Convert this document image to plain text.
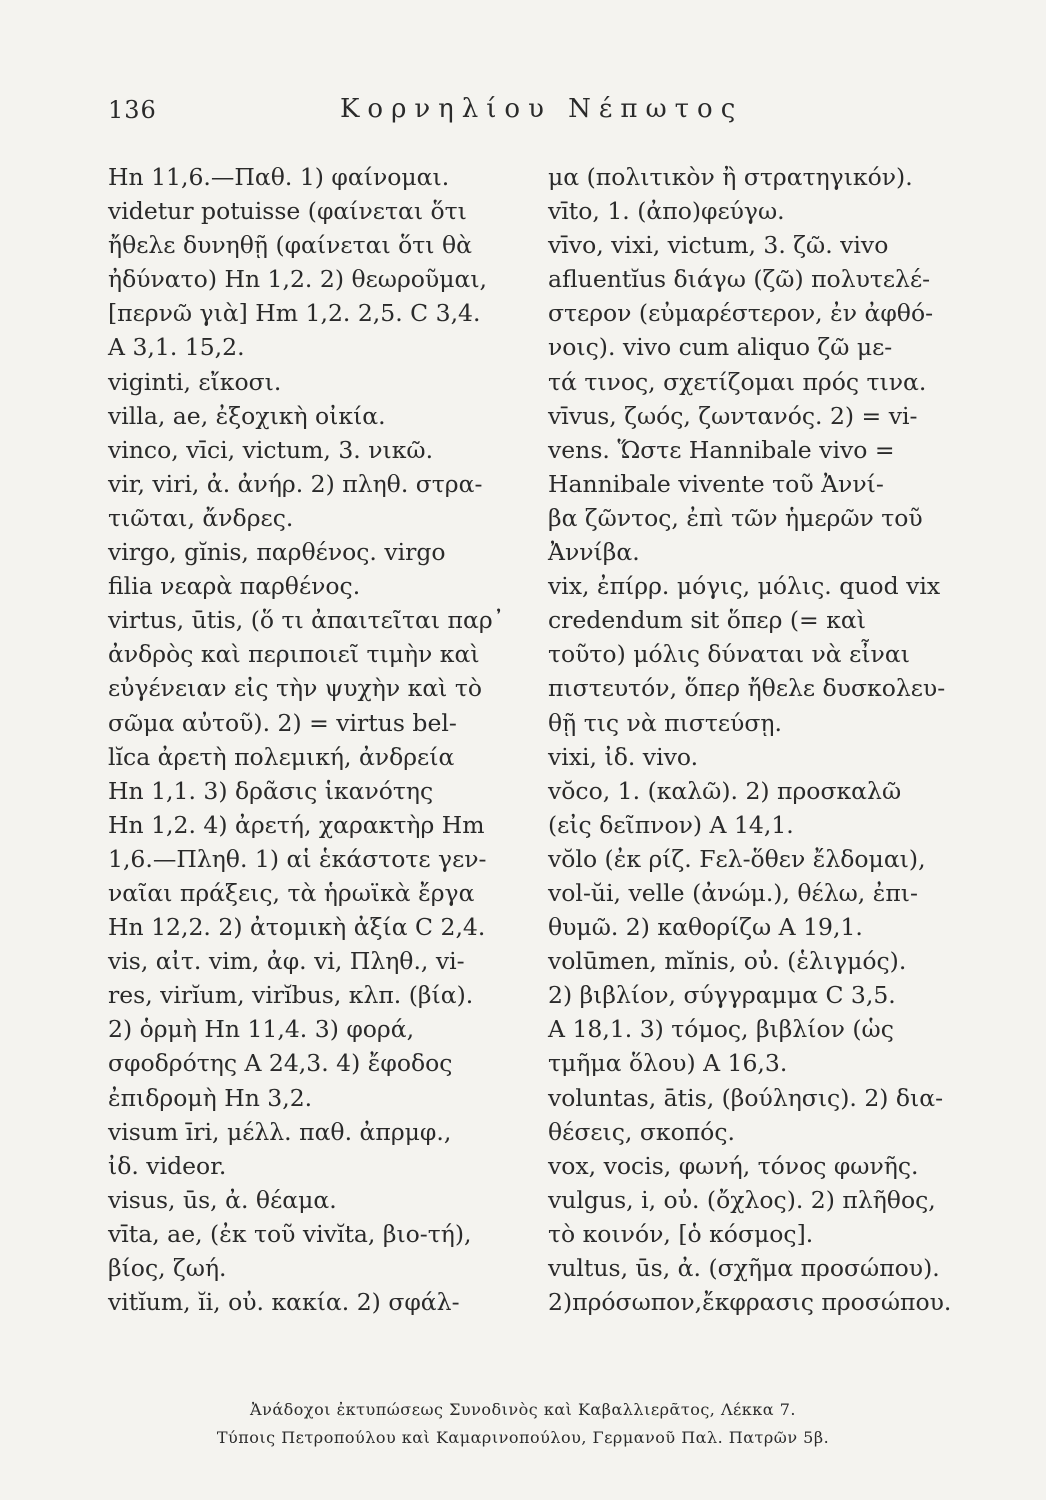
136	Κορνηλίου Νέπωτος
Hn 11,6.—Παθ. 1) φαίνομαι.
videtur potuisse (φαίνεται ὅτι
ἤθελε δυνηθῇ (φαίνεται ὅτι θὰ
ἠδύνατο) Hn 1,2. 2) θεωροῦμαι,
[περνῶ γιὰ] Hm 1,2. 2,5. C 3,4.
A 3,1. 15,2.
viginti, εἴκοσι.
villa, ae, ἐξοχικὴ οἰκία.
vinco, vīci, victum, 3. νικῶ.
vir, viri, ἀ. ἀνήρ. 2) πληθ. στρα-
τιῶται, ἄνδρες.
virgo, gĭnis, παρθένος. virgo
filia νεαρὰ παρθένος.
virtus, ūtis, (ὅ τι ἀπαιτεῖται παρ᾽
ἀνδρὸς καὶ περιποιεῖ τιμὴν καὶ
εὐγένειαν εἰς τὴν ψυχὴν καὶ τὸ
σῶμα αὐτοῦ). 2) = virtus bel-
lĭca ἀρετὴ πολεμική, ἀνδρεία
Hn 1,1. 3) δρᾶσις ἱκανότης
Hn 1,2. 4) ἀρετή, χαρακτὴρ Hm
1,6.—Πληθ. 1) αἱ ἑκάστοτε γεν-
ναῖαι πράξεις, τὰ ἡρωϊκὰ ἔργα
Hn 12,2. 2) ἀτομικὴ ἀξία C 2,4.
vis, αἰτ. vim, ἀφ. vi, Πληθ., vi-
res, virĭum, virĭbus, κλπ. (βία).
2) ὁρμὴ Hn 11,4. 3) φορά,
σφοδρότης A 24,3. 4) ἔφοδος
ἐπιδρομὴ Hn 3,2.
visum īri, μέλλ. παθ. ἀπρμφ.,
ἰδ. videor.
visus, ūs, ἀ. θέαμα.
vīta, ae, (ἐκ τοῦ vivĭta, βιο-τή),
βίος, ζωή.
vitĭum, ĭi, οὐ. κακία. 2) σφάλ-
μα (πολιτικὸν ἢ στρατηγικόν).
vīto, 1. (ἀπο)φεύγω.
vīvo, vixi, victum, 3. ζῶ. vivo
afluentĭus διάγω (ζῶ) πολυτελέ-
στερον (εὐμαρέστερον, ἐν ἀφθό-
νοις). vivo cum aliquo ζῶ με-
τά τινος, σχετίζομαι πρός τινα.
vīvus, ζωός, ζωντανός. 2) = vi-
vens. Ὥστε Hannibale vivo =
Hannibale vivente τοῦ Ἀννί-
βα ζῶντος, ἐπὶ τῶν ἡμερῶν τοῦ
Ἀννίβα.
vix, ἐπίρρ. μόγις, μόλις. quod vix
credendum sit ὅπερ (= καὶ
τοῦτο) μόλις δύναται νὰ εἶναι
πιστευτόν, ὅπερ ἤθελε δυσκολευ-
θῇ τις νὰ πιστεύσῃ.
vixi, ἰδ. vivo.
vŏco, 1. (καλῶ). 2) προσκαλῶ
(εἰς δεῖπνον) A 14,1.
vŏlo (ἐκ ρίζ. Ϝελ-ὅθεν ἔλδομαι),
vol-ŭi, velle (ἀνώμ.), θέλω, ἐπι-
θυμῶ. 2) καθορίζω A 19,1.
volūmen, mĭnis, οὐ. (ἑλιγμός).
2) βιβλίον, σύγγραμμα C 3,5.
A 18,1. 3) τόμος, βιβλίον (ὡς
τμῆμα ὅλου) A 16,3.
voluntas, ātis, (βούλησις). 2) δια-
θέσεις, σκοπός.
vox, vocis, φωνή, τόνος φωνῆς.
vulgus, i, οὐ. (ὄχλος). 2) πλῆθος,
τὸ κοινόν, [ὁ κόσμος].
vultus, ūs, ἀ. (σχῆμα προσώπου).
2)πρόσωπον,ἔκφρασις προσώπου.
Ἀνάδοχοι ἐκτυπώσεως Συνοδινὸς καὶ Καβαλλιερᾶτος, Λέκκα 7.
Τύποις Πετροπούλου καὶ Καμαρινοπούλου, Γερμανοῦ Παλ. Πατρῶν 5β.
